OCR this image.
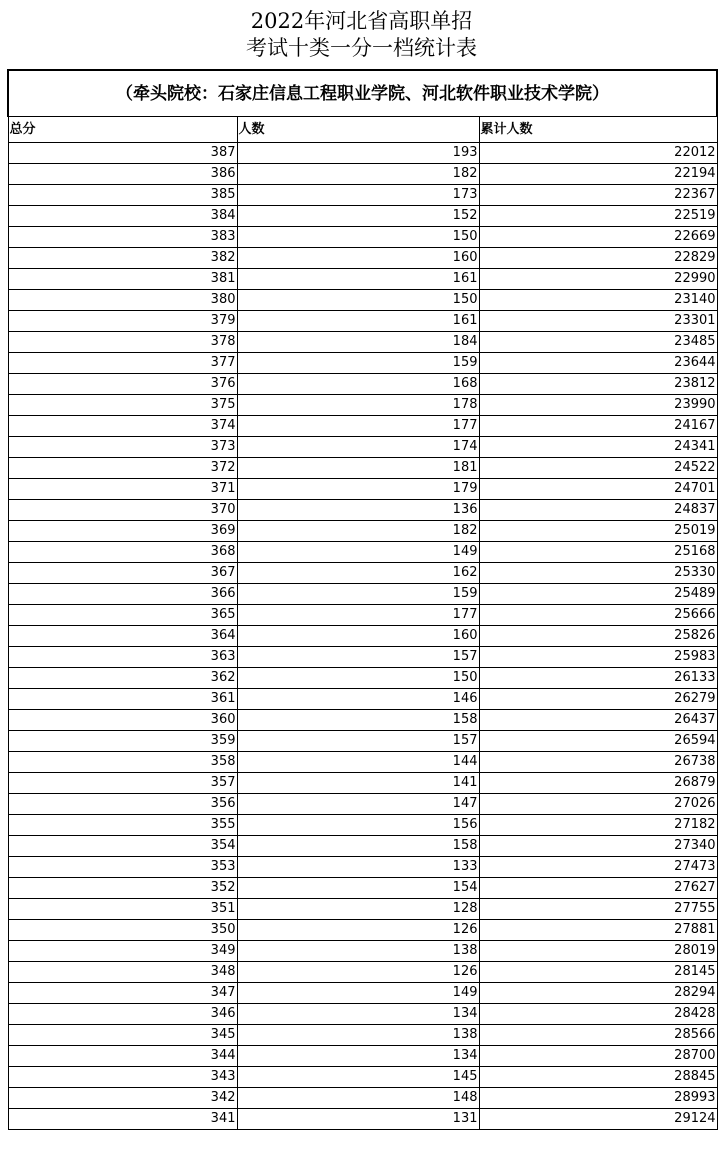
2022年河北省高职单招
考试十类一分一档统计表
（牵头院校：石家庄信息工程职业学院、河北软件职业技术学院）		
总分	人数	累计人数
387	193	22012
386	182	22194
385	173	22367
384	152	22519
383	150	22669
382	160	22829
381	161	22990
380	150	23140
379	161	23301
378	184	23485
377	159	23644
376	168	23812
375	178	23990
374	177	24167
373	174	24341
372	181	24522
371	179	24701
370	136	24837
369	182	25019
368	149	25168
367	162	25330
366	159	25489
365	177	25666
364	160	25826
363	157	25983
362	150	26133
361	146	26279
360	158	26437
359	157	26594
358	144	26738
357	141	26879
356	147	27026
355	156	27182
354	158	27340
353	133	27473
352	154	27627
351	128	27755
350	126	27881
349	138	28019
348	126	28145
347	149	28294
346	134	28428
345	138	28566
344	134	28700
343	145	28845
342	148	28993
341	131	29124
